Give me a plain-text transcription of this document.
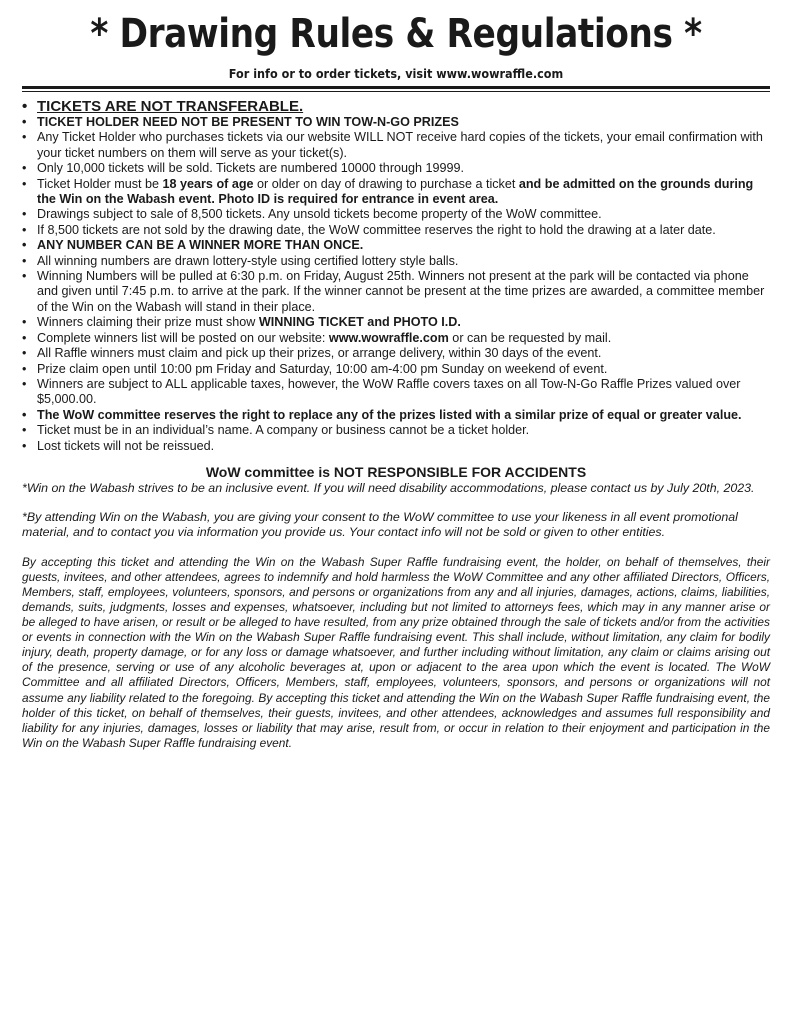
* Drawing Rules & Regulations *
For info or to order tickets, visit www.wowraffle.com
• TICKETS ARE NOT TRANSFERABLE.
• TICKET HOLDER NEED NOT BE PRESENT TO WIN TOW-N-GO PRIZES
• Any Ticket Holder who purchases tickets via our website WILL NOT receive hard copies of the tickets, your email confirmation with your ticket numbers on them will serve as your ticket(s).
• Only 10,000 tickets will be sold. Tickets are numbered 10000 through 19999.
• Ticket Holder must be 18 years of age or older on day of drawing to purchase a ticket and be admitted on the grounds during the Win on the Wabash event. Photo ID is required for entrance in event area.
• Drawings subject to sale of 8,500 tickets. Any unsold tickets become property of the WoW committee.
• If 8,500 tickets are not sold by the drawing date, the WoW committee reserves the right to hold the drawing at a later date.
• ANY NUMBER CAN BE A WINNER MORE THAN ONCE.
• All winning numbers are drawn lottery-style using certified lottery style balls.
• Winning Numbers will be pulled at 6:30 p.m. on Friday, August 25th. Winners not present at the park will be contacted via phone and given until 7:45 p.m. to arrive at the park. If the winner cannot be present at the time prizes are awarded, a committee member of the Win on the Wabash will stand in their place.
• Winners claiming their prize must show WINNING TICKET and PHOTO I.D.
• Complete winners list will be posted on our website: www.wowraffle.com or can be requested by mail.
• All Raffle winners must claim and pick up their prizes, or arrange delivery, within 30 days of the event.
• Prize claim open until 10:00 pm Friday and Saturday, 10:00 am-4:00 pm Sunday on weekend of event.
• Winners are subject to ALL applicable taxes, however, the WoW Raffle covers taxes on all Tow-N-Go Raffle Prizes valued over $5,000.00.
• The WoW committee reserves the right to replace any of the prizes listed with a similar prize of equal or greater value.
• Ticket must be in an individual’s name. A company or business cannot be a ticket holder.
• Lost tickets will not be reissued.
WoW committee is NOT RESPONSIBLE FOR ACCIDENTS

*Win on the Wabash strives to be an inclusive event. If you will need disability accommodations, please contact us by July 20th, 2023.

*By attending Win on the Wabash, you are giving your consent to the WoW committee to use your likeness in all event promotional material, and to contact you via information you provide us. Your contact info will not be sold or given to other entities.

By accepting this ticket and attending the Win on the Wabash Super Raffle fundraising event, the holder, on behalf of themselves, their guests, invitees, and other attendees, agrees to indemnify and hold harmless the WoW Committee and any other affiliated Directors, Officers, Members, staff, employees, volunteers, sponsors, and persons or organizations from any and all injuries, damages, actions, claims, liabilities, demands, suits, judgments, losses and expenses, whatsoever, including but not limited to attorneys fees, which may in any manner arise or be alleged to have arisen, or result or be alleged to have resulted, from any prize obtained through the sale of tickets and/or from the activities or events in connection with the Win on the Wabash Super Raffle fundraising event. This shall include, without limitation, any claim for bodily injury, death, property damage, or for any loss or damage whatsoever, and further including without limitation, any claim or claims arising out of the presence, serving or use of any alcoholic beverages at, upon or adjacent to the area upon which the event is located. The WoW Committee and all affiliated Directors, Officers, Members, staff, employees, volunteers, sponsors, and persons or organizations will not assume any liability related to the foregoing. By accepting this ticket and attending the Win on the Wabash Super Raffle fundraising event, the holder of this ticket, on behalf of themselves, their guests, invitees, and other attendees, acknowledges and assumes full responsibility and liability for any injuries, damages, losses or liability that may arise, result from, or occur in relation to their enjoyment and participation in the Win on the Wabash Super Raffle fundraising event.
